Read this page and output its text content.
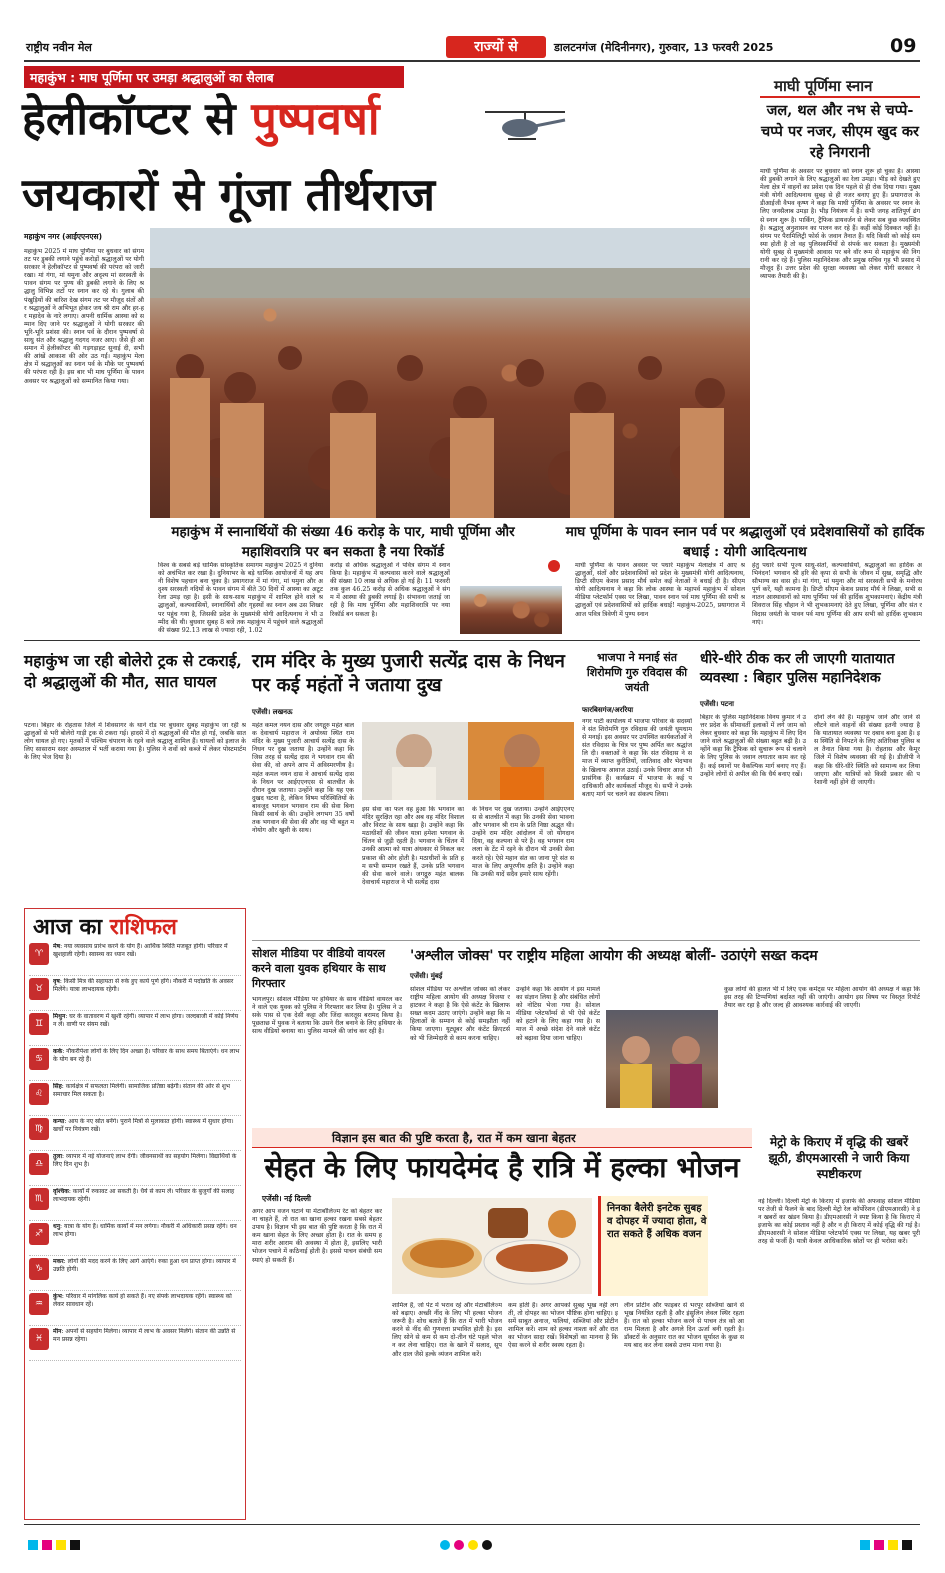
राष्ट्रीय नवीन मेल	राज्यों से	डालटनगंज (मेदिनीनगर), गुरुवार, 13 फरवरी 2025	09
महाकुंभ : माघ पूर्णिमा पर उमड़ा श्रद्धालुओं का सैलाब
हेलीकॉप्टर से पुष्पवर्षा
जयकारों से गूंजा तीर्थराज
महाकुंभ नगर (आईएएनएस)
महाकुंभ 2025 में माघ पूर्णिमा पर बुधवार को संगम तट पर डुबकी लगाने पहुंचे करोड़ों श्रद्धालुओं पर योगी सरकार ने हेलीकॉप्टर से पुष्पवर्षा की परंपरा को जारी रखा। मां गंगा, मां यमुना और अदृश्य मां सरस्वती के पावन संगम पर पुण्य की डुबकी लगाने के लिए श्रद्धालु विभिन्न तटों पर स्नान कर रहे थे। गुलाब की पंखुड़ियों की बारिश देख संगम तट पर मौजूद संतों और श्रद्धालुओं ने अभिभूत होकर जय श्री राम और हर-हर महादेव के नारे लगाए। अपनी धार्मिक आस्था को सम्मान दिए जाने पर श्रद्धालुओं ने योगी सरकार की भूरि-भूरि प्रशंसा की। स्नान पर्व के दौरान पुष्पवर्षा से साधु संत और श्रद्धालु गदगद नजर आए। जैसे ही आसमान में हेलीकॉप्टर की गड़गड़ाहट सुनाई दी, सभी की आंखें आकाश की ओर उठ गईं। महाकुंभ मेला क्षेत्र में श्रद्धालुओं का स्नान पर्व के मौके पर पुष्पवर्षा की परंपरा रही है। इस बार भी माघ पूर्णिमा के पावन अवसर पर श्रद्धालुओं को सम्मानित किया गया।
माघी पूर्णिमा स्नान
जल, थल और नभ से चप्पे-चप्पे पर नजर, सीएम खुद कर रहे निगरानी
माघी पूर्णिमा के अवसर पर बुधवार को स्नान शुरू हो चुका है। आस्था की डुबकी लगाने के लिए श्रद्धालुओं का रेला उमड़ा। भीड़ को देखते हुए मेला क्षेत्र में वाहनों का प्रवेश एक दिन पहले से ही रोक दिया गया। मुख्यमंत्री योगी आदित्यनाथ सुबह से ही नजर बनाए हुए हैं। प्रयागराज के डीआईजी वैभव कृष्ण ने कहा कि माघी पूर्णिमा के अवसर पर स्नान के लिए जनसैलाब उमड़ा है। भीड़ नियंत्रण में है। सभी जगह शांतिपूर्ण ढंग से स्नान शुरू है। पार्किंग, ट्रैफिक डायवर्जन से लेकर सब कुछ व्यवस्थित है। श्रद्धालु अनुशासन का पालन कर रहे हैं। कहीं कोई दिक्कत नहीं है। संगम पर पैरामिलिट्री फोर्स के जवान तैनात हैं। यदि किसी को कोई समस्या होती है तो वह पुलिसकर्मियों से संपर्क कर सकता है। मुख्यमंत्री योगी सुबह से मुख्यमंत्री आवास पर बने वॉर रूम से महाकुंभ की निगरानी कर रहे हैं। पुलिस महानिदेशक और प्रमुख सचिव गृह भी प्रसाद में मौजूद हैं। उत्तर प्रदेश की सुरक्षा व्यवस्था को लेकर योगी सरकार ने व्यापक तैयारी की है।
महाकुंभ में स्नानार्थियों की संख्या 46 करोड़ के पार, माघी पूर्णिमा और महाशिवरात्रि पर बन सकता है नया रिकॉर्ड
माघ पूर्णिमा के पावन स्नान पर्व पर श्रद्धालुओं एवं प्रदेशवासियों को हार्दिक बधाई : योगी आदित्यनाथ
विश्व के सबसे बड़े धार्मिक सांस्कृतिक समागम महाकुंभ 2025 ने दुनिया को अचंभित कर रखा है। दुनियाभर के बड़े धार्मिक आयोजनों में यह अपनी विशेष पहचान बना चुका है। प्रयागराज में मां गंगा, मां यमुना और अदृश्य सरस्वती नदियों के पावन संगम में बीते 30 दिनों में आस्था का अटूट रेला उमड़ रहा है। इसी के साथ-साथ महाकुंभ में शामिल होने वाले श्रद्धालुओं, कल्पवासियों, स्नानार्थियों और गृहस्थों का स्नान अब उस शिखर पर पहुंच गया है, जिसकी प्रदेश के मुख्यमंत्री योगी आदित्यनाथ ने भी उम्मीद की थी। बुधवार सुबह 8 बजे तक महाकुंभ में पहुंचने वाले श्रद्धालुओं की संख्या 92.13 लाख से ज्यादा रही, 1.02
करोड़ से अधिक श्रद्धालुओं ने पवित्र संगम में स्नान किया है। महाकुंभ में कल्पवास करने वाले श्रद्धालुओं की संख्या 10 लाख से अधिक हो गई है। 11 फरवरी तक कुल 46.25 करोड़ से अधिक श्रद्धालुओं ने संगम में आस्था की डुबकी लगाई है। संभावना जताई जा रही है कि माघ पूर्णिमा और महाशिवरात्रि पर नया रिकॉर्ड बन सकता है।
माघी पूर्णिमा के पावन अवसर पर पधारे महाकुंभ मेलाक्षेत्र में आए श्रद्धालुओं, संतों और प्रदेशवासियों को प्रदेश के मुख्यमंत्री योगी आदित्यनाथ, डिप्टी सीएम केशव प्रसाद मौर्य समेत कई नेताओं ने बधाई दी है। सीएम योगी आदित्यनाथ ने कहा कि लोक आस्था के महापर्व महाकुंभ में सोशल मीडिया प्लेटफॉर्म एक्स पर लिखा, पावन स्नान पर्व माघ पूर्णिमा की सभी श्रद्धालुओं एवं प्रदेशवासियों को हार्दिक बधाई! महाकुंभ-2025, प्रयागराज में आज पवित्र त्रिवेणी में पुण्य स्नान
हेतु पधारे सभी पूज्य साधु-संतों, कल्पवासियों, श्रद्धालुओं का हार्दिक अभिनंदन! भगवान श्री हरि की कृपा से सभी के जीवन में सुख, समृद्धि और सौभाग्य का वास हो। मां गंगा, मां यमुना और मां सरस्वती सभी के मनोरथ पूर्ण करें, यही कामना है। डिप्टी सीएम केशव प्रसाद मौर्य ने लिखा, सभी सनातन आस्थावानों को माघ पूर्णिमा पर्व की हार्दिक शुभकामनाएं। केंद्रीय मंत्री शिवराज सिंह चौहान ने भी शुभकामनाएं देते हुए लिखा, पूर्णिमा और संत रविदास जयंती के पावन पर्व माघ पूर्णिमा की आप सभी को हार्दिक शुभकामनाएं।
महाकुंभ जा रही बोलेरो ट्रक से टकराई, दो श्रद्धालुओं की मौत, सात घायल
पटना। बिहार के रोहतास जिले में शिवसागर के थाने रोड पर बुधवार सुबह महाकुंभ जा रही श्रद्धालुओं से भरी बोलेरो गाड़ी ट्रक से टकरा गई। हादसे में दो श्रद्धालुओं की मौत हो गई, जबकि सात लोग घायल हो गए। मृतकों में पश्चिम चंपारण के रहने वाले श्रद्धालु शामिल हैं। घायलों को इलाज के लिए सासाराम सदर अस्पताल में भर्ती कराया गया है। पुलिस ने शवों को कब्जे में लेकर पोस्टमार्टम के लिए भेज दिया है।
आज का राशिफल
♈
मेष: नया व्यवसाय प्रारंभ करने के योग हैं। आर्थिक स्थिति मजबूत होगी। परिवार में खुशहाली रहेगी। स्वास्थ्य का ध्यान रखें।
♉
वृष: किसी मित्र की सहायता से रुके हुए कार्य पूर्ण होंगे। नौकरी में पदोन्नति के अवसर मिलेंगे। यात्रा लाभदायक रहेगी।
♊
मिथुन: घर के वातावरण में खुशी रहेगी। व्यापार में लाभ होगा। जल्दबाजी में कोई निर्णय न लें। वाणी पर संयम रखें।
♋
कर्क: नौकरीपेशा लोगों के लिए दिन अच्छा है। परिवार के साथ समय बिताएंगे। धन लाभ के योग बन रहे हैं।
♌
सिंह: कार्यक्षेत्र में सफलता मिलेगी। सामाजिक प्रतिष्ठा बढ़ेगी। संतान की ओर से शुभ समाचार मिल सकता है।
♍
कन्या: आय के नए स्रोत बनेंगे। पुराने मित्रों से मुलाकात होगी। स्वास्थ्य में सुधार होगा। खर्चों पर नियंत्रण रखें।
♎
तुला: व्यापार में नई योजनाएं लाभ देंगी। जीवनसाथी का सहयोग मिलेगा। विद्यार्थियों के लिए दिन शुभ है।
♏
वृश्चिक: कार्यों में रुकावट आ सकती है। धैर्य से काम लें। परिवार के बुजुर्गों की सलाह लाभदायक रहेगी।
♐
धनु: यात्रा के योग हैं। धार्मिक कार्यों में मन लगेगा। नौकरी में अधिकारी प्रसन्न रहेंगे। धन लाभ होगा।
♑
मकर: लोगों की मदद करने के लिए आगे आएंगे। रुका हुआ धन प्राप्त होगा। व्यापार में उन्नति होगी।
♒
कुंभ: परिवार में मांगलिक कार्य हो सकते हैं। नए संपर्क लाभदायक रहेंगे। स्वास्थ्य को लेकर सावधान रहें।
♓
मीन: अपनों से सहयोग मिलेगा। व्यापार में लाभ के अवसर मिलेंगे। संतान की उन्नति से मन प्रसन्न रहेगा।
राम मंदिर के मुख्य पुजारी सत्येंद्र दास के निधन पर कई महंतों ने जताया दुख
एजेंसी। लखनऊ
महंत कमल नयन दास और जगद्गुरु महंत बालक देवाचार्य महाराज ने अयोध्या स्थित राम मंदिर के मुख्य पुजारी आचार्य सत्येंद्र दास के निधन पर दुख जताया है। उन्होंने कहा कि जिस तरह से सत्येंद्र दास ने भगवान राम की सेवा की, वो अपने आप में अविस्मरणीय है। महंत कमल नयन दास ने आचार्य सत्येंद्र दास के निधन पर आईएएनएस से बातचीत के दौरान दुख जताया। उन्होंने कहा कि यह एक दुखद घटना है, लेकिन विषम परिस्थितियों के बावजूद भगवान भगवान राम की सेवा बिना किसी स्वार्थ के की। उन्होंने लगभग 35 वर्षों तक भगवान की सेवा की और वह भी बहुत मनोयोग और खुशी के साथ।
इस सेवा का फल वह हुआ कि भगवान का मंदिर सुरक्षित रहा और अब वह मंदिर विशाल और विराट के साथ खड़ा है। उन्होंने कहा कि मठाधीशों की जीवन यात्रा हमेशा भगवान के चिंतन से जुड़ी रहती है। भगवान के चिंतन में उनकी आत्मा को यात्रा अंधकार से निकल कर प्रकाश की ओर होती है। मठाधीशों के प्रति हम सभी सम्मान रखते हैं, उनके प्रति भगवान की सेवा करने वाले। जगद्गुरु महंत बालक देवाचार्य महाराज ने भी सत्येंद्र दास
के निधन पर दुख जताया। उन्होंने आईएएनएस से बातचीत में कहा कि उनकी सेवा भावना और भगवान श्री राम के प्रति निष्ठा अद्भुत थी। उन्होंने राम मंदिर आंदोलन में जो योगदान दिया, वह कल्पना से परे है। वह भगवान राम लला के टेंट में रहने के दौरान भी उनकी सेवा करते रहे। ऐसे महान संत का जाना पूरे संत समाज के लिए अपूरणीय क्षति है। उन्होंने कहा कि उनकी यादें सदैव हमारे साथ रहेंगी।
भाजपा ने मनाई संत शिरोमणि गुरु रविदास की जयंती
फारबिसगंज/अररिया
नगर पार्टी कार्यालय में भाजपा परिवार के सदस्यों ने संत शिरोमणि गुरु रविदास की जयंती धूमधाम से मनाई। इस अवसर पर उपस्थित कार्यकर्ताओं ने संत रविदास के चित्र पर पुष्प अर्पित कर श्रद्धांजलि दी। वक्ताओं ने कहा कि संत रविदास ने समाज में व्याप्त कुरीतियों, जातिवाद और भेदभाव के खिलाफ आवाज उठाई। उनके विचार आज भी प्रासंगिक हैं। कार्यक्रम में भाजपा के कई पदाधिकारी और कार्यकर्ता मौजूद थे। सभी ने उनके बताए मार्ग पर चलने का संकल्प लिया।
धीरे-धीरे ठीक कर ली जाएगी यातायात व्यवस्था : बिहार पुलिस महानिदेशक
एजेंसी। पटना
बिहार के पुलिस महानिदेशक विनय कुमार ने उत्तर प्रदेश के सीमावर्ती इलाकों में लगे जाम को लेकर बुधवार को कहा कि महाकुंभ में लिए दिन जाने वाले श्रद्धालुओं की संख्या बहुत बढ़ी है। उन्होंने कहा कि ट्रैफिक को सुचारू रूप से चलाने के लिए पुलिस के जवान लगातार काम कर रहे हैं। कई स्थानों पर वैकल्पिक मार्ग बनाए गए हैं। उन्होंने लोगों से अपील की कि धैर्य बनाए रखें।
दोनों लेन की है। महाकुंभ जाने और जाने से लौटने वाले वाहनों की संख्या इतनी ज्यादा है कि यातायात व्यवस्था पर दबाव बना हुआ है। इस स्थिति से निपटने के लिए अतिरिक्त पुलिस बल तैनात किया गया है। रोहतास और कैमूर जिले में विशेष व्यवस्था की गई है। डीजीपी ने कहा कि धीरे-धीरे स्थिति को सामान्य कर लिया जाएगा और यात्रियों को किसी प्रकार की परेशानी नहीं होने दी जाएगी।
सोशल मीडिया पर वीडियो वायरल करने वाला युवक हथियार के साथ गिरफ्तार
भागलपुर। सोशल मीडिया पर हथियार के साथ वीडियो वायरल करने वाले एक युवक को पुलिस ने गिरफ्तार कर लिया है। पुलिस ने उसके पास से एक देसी कट्टा और जिंदा कारतूस बरामद किया है। पूछताछ में युवक ने बताया कि उसने रील बनाने के लिए हथियार के साथ वीडियो बनाया था। पुलिस मामले की जांच कर रही है।
'अश्लील जोक्स' पर राष्ट्रीय महिला आयोग की अध्यक्ष बोलीं- उठाएंगे सख्त कदम
एजेंसी। मुंबई
सोशल मीडिया पर अश्लील जोक्स को लेकर राष्ट्रीय महिला आयोग की अध्यक्ष विजया रहाटकर ने कहा है कि ऐसे कंटेंट के खिलाफ सख्त कदम उठाए जाएंगे। उन्होंने कहा कि महिलाओं के सम्मान से कोई समझौता नहीं किया जाएगा। यूट्यूबर और कंटेंट क्रिएटर्स को भी जिम्मेदारी से काम करना चाहिए।
उन्होंने कहा कि आयोग ने इस मामले का संज्ञान लिया है और संबंधित लोगों को नोटिस भेजा गया है। सोशल मीडिया प्लेटफॉर्म्स से भी ऐसे कंटेंट को हटाने के लिए कहा गया है। समाज में अच्छे संदेश देने वाले कंटेंट को बढ़ावा दिया जाना चाहिए।
कुछ लोगों की हालत भी में लिए एक कमेंट्स पर महिला आयोग की अध्यक्ष ने कहा कि इस तरह की टिप्पणियां बर्दाश्त नहीं की जाएंगी। आयोग इस विषय पर विस्तृत रिपोर्ट तैयार कर रहा है और जल्द ही आवश्यक कार्रवाई की जाएगी।
विज्ञान इस बात की पुष्टि करता है, रात में कम खाना बेहतर
सेहत के लिए फायदेमंद है रात्रि में हल्का भोजन
एजेंसी। नई दिल्ली
अगर आप वजन घटाने या मेटाबॉलिज्म रेट को बेहतर करना चाहते हैं, तो रात का खाना हल्का रखना सबसे बेहतर उपाय है। विज्ञान भी इस बात की पुष्टि करता है कि रात में कम खाना सेहत के लिए अच्छा होता है। रात के समय हमारा शरीर आराम की अवस्था में होता है, इसलिए भारी भोजन पचाने में कठिनाई होती है। इससे पाचन संबंधी समस्याएं हो सकती हैं।
निनका बैलेरी इनटेक सुबह व दोपहर में ज्यादा होता, वे रात सकते हैं अधिक वजन
शामिल है, जो पेट में भराव रहे और मेटाबॉलिज्म को बढ़ाए। अच्छी नींद के लिए भी हल्का भोजन जरूरी है। शोध बताते हैं कि रात में भारी भोजन करने से नींद की गुणवत्ता प्रभावित होती है। इसलिए सोने से कम से कम दो-तीन घंटे पहले भोजन कर लेना चाहिए। रात के खाने में सलाद, सूप और दाल जैसे हल्के व्यंजन शामिल करें।
कम होती है। अगर आपको सुबह भूख नहीं लगती, तो दोपहर का भोजन पौष्टिक होना चाहिए। इसमें साबुत अनाज, फलियां, सब्जियां और प्रोटीन शामिल करें। शाम को हल्का नाश्ता करें और रात का भोजन सादा रखें। विशेषज्ञों का मानना है कि ऐसा करने से शरीर स्वस्थ रहता है।
लीन प्रोटीन और फाइबर से भरपूर सब्जियां खाने से भूख नियंत्रित रहती है और इंसुलिन लेवल स्थिर रहता है। रात को हल्का भोजन करने से पाचन तंत्र को आराम मिलता है और अगले दिन ऊर्जा बनी रहती है। डॉक्टरों के अनुसार रात का भोजन सूर्यास्त के कुछ समय बाद कर लेना सबसे उत्तम माना गया है।
मेट्रो के किराए में वृद्धि की खबरें झूठी, डीएमआरसी ने जारी किया स्पष्टीकरण
नई दिल्ली। दिल्ली मेट्रो के किराए में इजाफे की अफवाह सोशल मीडिया पर तेजी से फैलने के बाद दिल्ली मेट्रो रेल कॉर्पोरेशन (डीएमआरसी) ने इन खबरों का खंडन किया है। डीएमआरसी ने स्पष्ट किया है कि किराए में इजाफे का कोई प्रस्ताव नहीं है और न ही किराए में कोई वृद्धि की गई है। डीएमआरसी ने सोशल मीडिया प्लेटफॉर्म एक्स पर लिखा, यह खबर पूरी तरह से फर्जी है। यात्री केवल आधिकारिक स्रोतों पर ही भरोसा करें।
